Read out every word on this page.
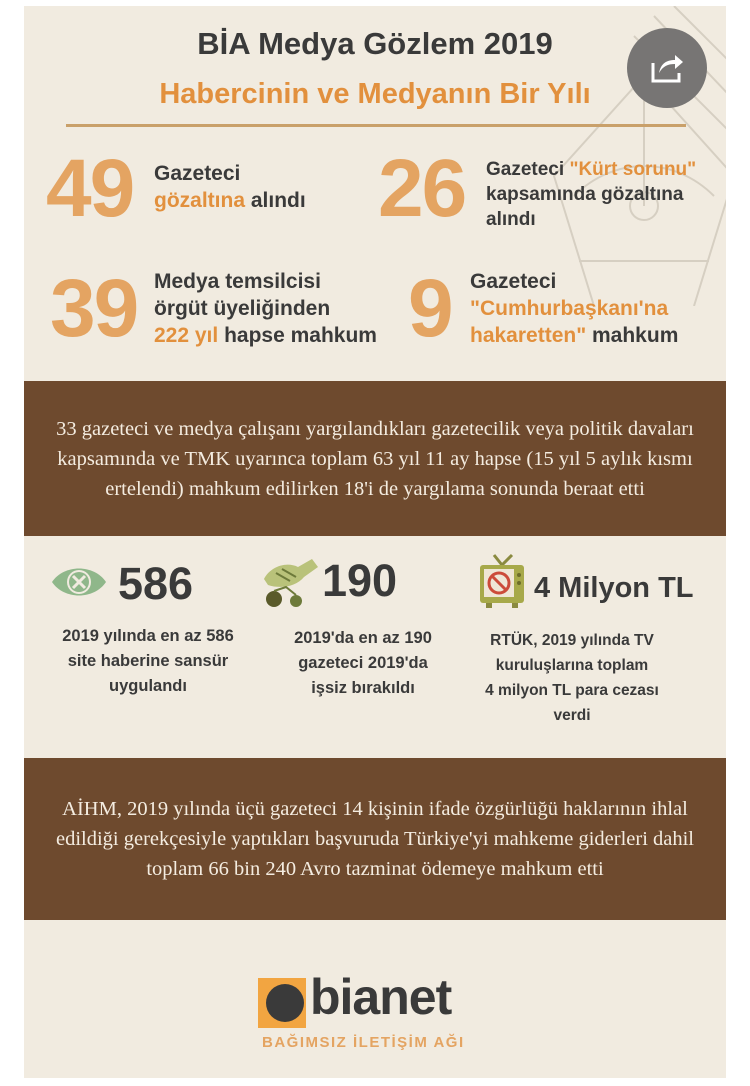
BİA Medya Gözlem 2019
Habercinin ve Medyanın Bir Yılı
49 Gazeteci
gözaltına alındı 26 Gazeteci "Kürt sorunu"
kapsamında gözaltına
alındı
39 Medya temsilcisi
örgüt üyeliğinden
222 yıl hapse mahkum 9 Gazeteci
"Cumhurbaşkanı'na
hakaretten" mahkum

33 gazeteci ve medya çalışanı yargılandıkları gazetecilik veya politik davaları kapsamında ve TMK uyarınca toplam 63 yıl 11 ay hapse (15 yıl 5 aylık kısmı ertelendi) mahkum edilirken 18'i de yargılama sonunda beraat etti

586
2019 yılında en az 586
site haberine sansür
uygulandı
190
2019'da en az 190
gazeteci 2019'da
işsiz bırakıldı
4 Milyon TL
RTÜK, 2019 yılında TV
kuruluşlarına toplam
4 milyon TL para cezası
verdi

AİHM, 2019 yılında üçü gazeteci 14 kişinin ifade özgürlüğü haklarının ihlal edildiği gerekçesiyle yaptıkları başvuruda Türkiye'yi mahkeme giderleri dahil toplam 66 bin 240 Avro tazminat ödemeye mahkum etti

bianet
BAĞIMSIZ İLETİŞİM AĞI
